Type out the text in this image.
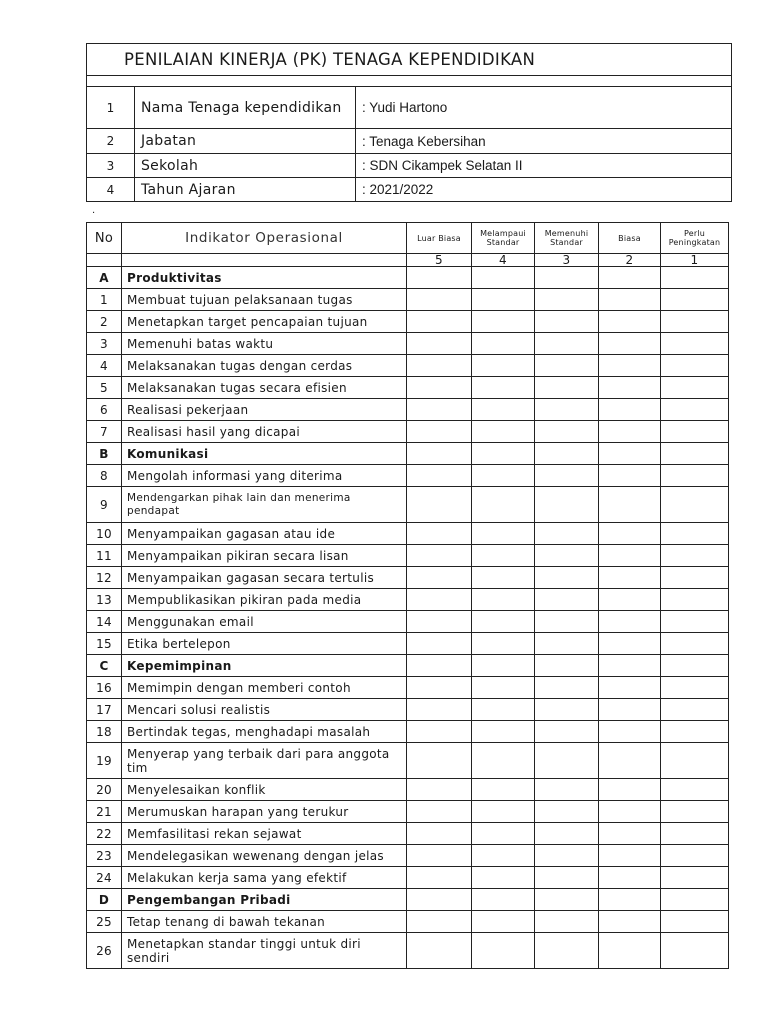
PENILAIAN KINERJA (PK) TENAGA KEPENDIDIKAN		

1	Nama Tenaga kependidikan	: Yudi Hartono
2	Jabatan	: Tenaga Kebersihan
3	Sekolah	: SDN Cikampek Selatan II
4	Tahun Ajaran	: 2021/2022
.
No	Indikator Operasional	Luar Biasa	Melampaui Standar	Memenuhi Standar	Biasa	Perlu Peningkatan
		5	4	3	2	1
A	Produktivitas					
1	Membuat tujuan pelaksanaan tugas					
2	Menetapkan target pencapaian tujuan					
3	Memenuhi batas waktu					
4	Melaksanakan tugas dengan cerdas					
5	Melaksanakan tugas secara efisien					
6	Realisasi pekerjaan					
7	Realisasi hasil yang dicapai					
B	Komunikasi					
8	Mengolah informasi yang diterima					
9	Mendengarkan pihak lain dan menerima pendapat					
10	Menyampaikan gagasan atau ide					
11	Menyampaikan pikiran secara lisan					
12	Menyampaikan gagasan secara tertulis					
13	Mempublikasikan pikiran pada media					
14	Menggunakan email					
15	Etika bertelepon					
C	Kepemimpinan					
16	Memimpin dengan memberi contoh					
17	Mencari solusi realistis					
18	Bertindak tegas, menghadapi masalah					
19	Menyerap yang terbaik dari para anggota tim					
20	Menyelesaikan konflik					
21	Merumuskan harapan yang terukur					
22	Memfasilitasi rekan sejawat					
23	Mendelegasikan wewenang dengan jelas					
24	Melakukan kerja sama yang efektif					
D	Pengembangan Pribadi					
25	Tetap tenang di bawah tekanan					
26	Menetapkan standar tinggi untuk diri sendiri					
